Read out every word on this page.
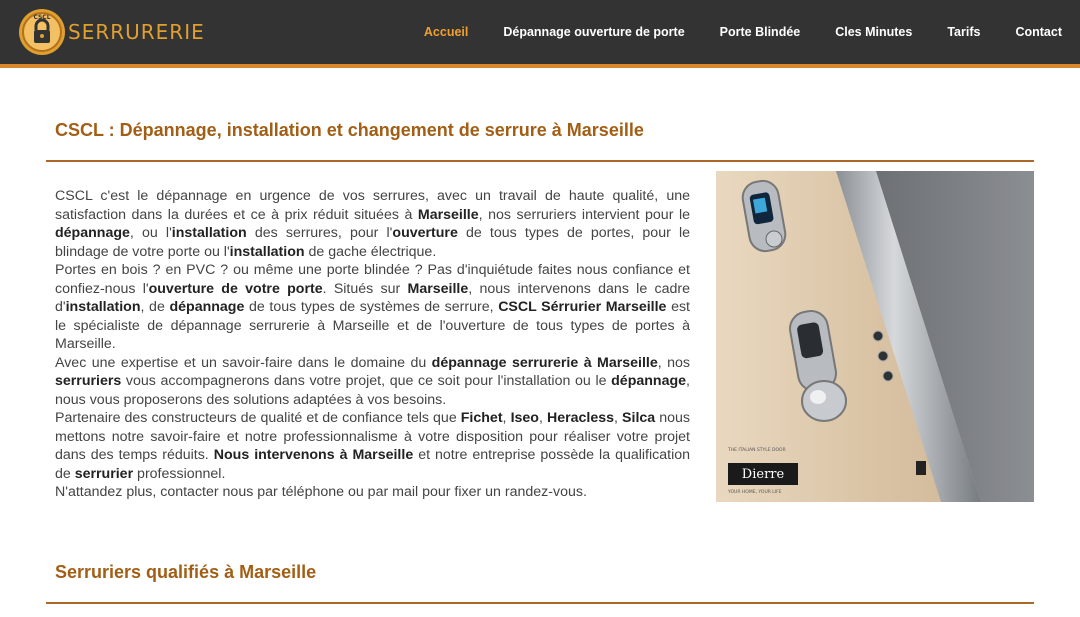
CSCL
SERRURERIE	Accueil	Dépannage ouverture de porte	Porte Blindée	Cles Minutes	Tarifs	Contact
CSCL : Dépannage, installation et changement de serrure à Marseille

CSCL c'est le dépannage en urgence de vos serrures, avec un travail de haute qualité, une satisfaction dans la durées et ce à prix réduit situées à Marseille, nos serruriers intervient pour le dépannage, ou l'installation des serrures, pour l'ouverture de tous types de portes, pour le blindage de votre porte ou l'installation de gache électrique.

Portes en bois ? en PVC ? ou même une porte blindée ? Pas d'inquiétude faites nous confiance et confiez-nous l'ouverture de votre porte. Situés sur Marseille, nous intervenons dans le cadre d'installation, de dépannage de tous types de systèmes de serrure, CSCL Sérrurier Marseille est le spécialiste de dépannage serrurerie à Marseille et de l'ouverture de tous types de portes à Marseille.

Avec une expertise et un savoir-faire dans le domaine du dépannage serrurerie à Marseille, nos serruriers vous accompagnerons dans votre projet, que ce soit pour l'installation ou le dépannage, nous vous proposerons des solutions adaptées à vos besoins.

Partenaire des constructeurs de qualité et de confiance tels que Fichet, Iseo, Heracless, Silca nous mettons notre savoir-faire et notre professionnalisme à votre disposition pour réaliser votre projet dans des temps réduits. Nous intervenons à Marseille et notre entreprise possède la qualification de serrurier professionnel.

N'attandez plus, contacter nous par téléphone ou par mail pour fixer un randez-vous.

THE ITALIAN STYLE DOOR
Dierre
YOUR HOME, YOUR LIFE
Serruriers qualifiés à Marseille
